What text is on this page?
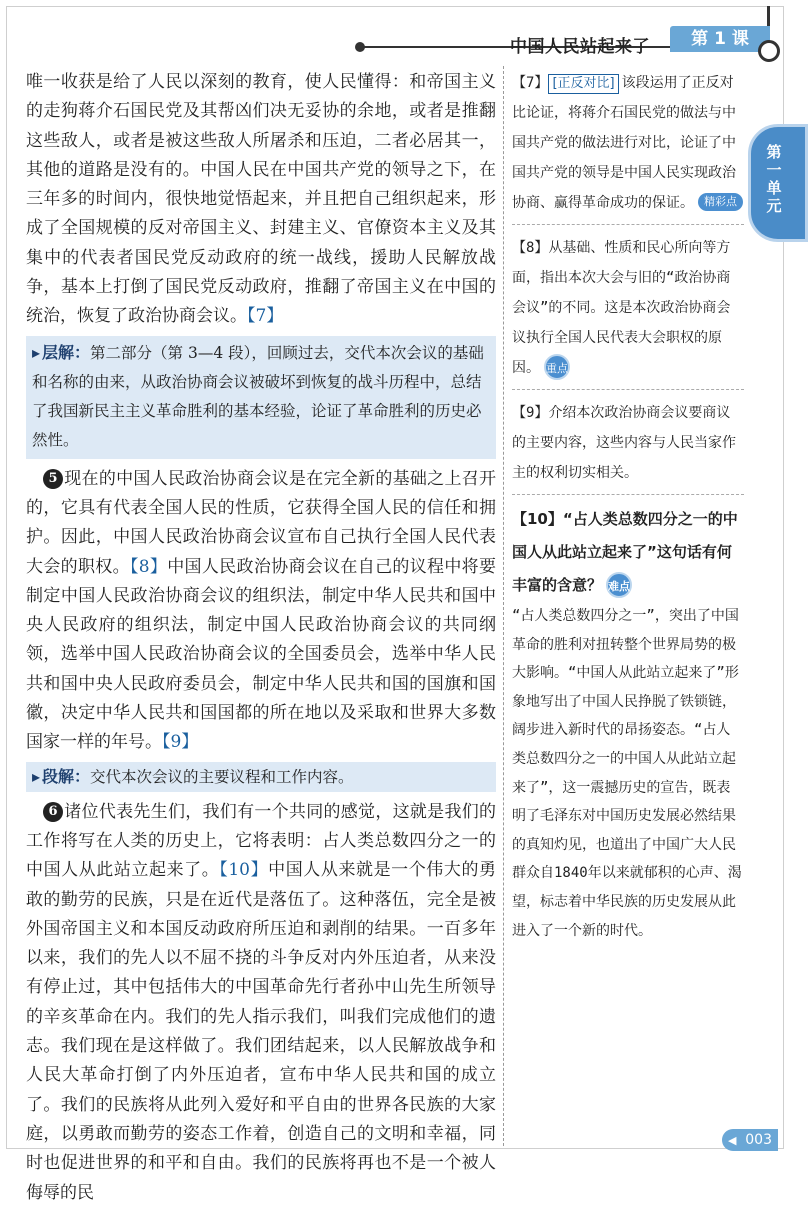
中国人民站起来了	第 1 课
第一单元

唯一收获是给了人民以深刻的教育，使人民懂得：和帝国主义的走狗蒋介石国民党及其帮凶们决无妥协的余地，或者是推翻这些敌人，或者是被这些敌人所屠杀和压迫，二者必居其一，其他的道路是没有的。中国人民在中国共产党的领导之下，在三年多的时间内，很快地觉悟起来，并且把自己组织起来，形成了全国规模的反对帝国主义、封建主义、官僚资本主义及其集中的代表者国民党反动政府的统一战线，援助人民解放战争，基本上打倒了国民党反动政府，推翻了帝国主义在中国的统治，恢复了政治协商会议。【7】

▸ 层解：第二部分（第 3—4 段），回顾过去，交代本次会议的基础和名称的由来，从政治协商会议被破坏到恢复的战斗历程中，总结了我国新民主主义革命胜利的基本经验，论证了革命胜利的历史必然性。

5 现在的中国人民政治协商会议是在完全新的基础之上召开的，它具有代表全国人民的性质，它获得全国人民的信任和拥护。因此，中国人民政治协商会议宣布自己执行全国人民代表大会的职权。【8】中国人民政治协商会议在自己的议程中将要制定中国人民政治协商会议的组织法，制定中华人民共和国中央人民政府的组织法，制定中国人民政治协商会议的共同纲领，选举中国人民政治协商会议的全国委员会，选举中华人民共和国中央人民政府委员会，制定中华人民共和国的国旗和国徽，决定中华人民共和国国都的所在地以及采取和世界大多数国家一样的年号。【9】

▸ 段解：交代本次会议的主要议程和工作内容。

6 诸位代表先生们，我们有一个共同的感觉，这就是我们的工作将写在人类的历史上，它将表明：占人类总数四分之一的中国人从此站立起来了。【10】中国人从来就是一个伟大的勇敢的勤劳的民族，只是在近代是落伍了。这种落伍，完全是被外国帝国主义和本国反动政府所压迫和剥削的结果。一百多年以来，我们的先人以不屈不挠的斗争反对内外压迫者，从来没有停止过，其中包括伟大的中国革命先行者孙中山先生所领导的辛亥革命在内。我们的先人指示我们，叫我们完成他们的遗志。我们现在是这样做了。我们团结起来，以人民解放战争和人民大革命打倒了内外压迫者，宣布中华人民共和国的成立了。我们的民族将从此列入爱好和平自由的世界各民族的大家庭，以勇敢而勤劳的姿态工作着，创造自己的文明和幸福，同时也促进世界的和平和自由。我们的民族将再也不是一个被人侮辱的民

【7】 [正反对比] 该段运用了正反对比论证，将蒋介石国民党的做法与中国共产党的做法进行对比，论证了中国共产党的领导是中国人民实现政治协商、赢得革命成功的保证。 精彩点
【8】从基础、性质和民心所向等方面，指出本次大会与旧的“政治协商会议”的不同。这是本次政治协商会议执行全国人民代表大会职权的原因。 重点
【9】介绍本次政治协商会议要商议的主要内容，这些内容与人民当家作主的权利切实相关。
【10】“占人类总数四分之一的中国人从此站立起来了”这句话有何丰富的含意？ 难点
“占人类总数四分之一”，突出了中国革命的胜利对扭转整个世界局势的极大影响。“中国人从此站立起来了”形象地写出了中国人民挣脱了铁锁链，阔步进入新时代的昂扬姿态。“占人类总数四分之一的中国人从此站立起来了”，这一震撼历史的宣告，既表明了毛泽东对中国历史发展必然结果的真知灼见，也道出了中国广大人民群众自1840年以来就郁积的心声、渴望，标志着中华民族的历史发展从此进入了一个新的时代。
003
◀
